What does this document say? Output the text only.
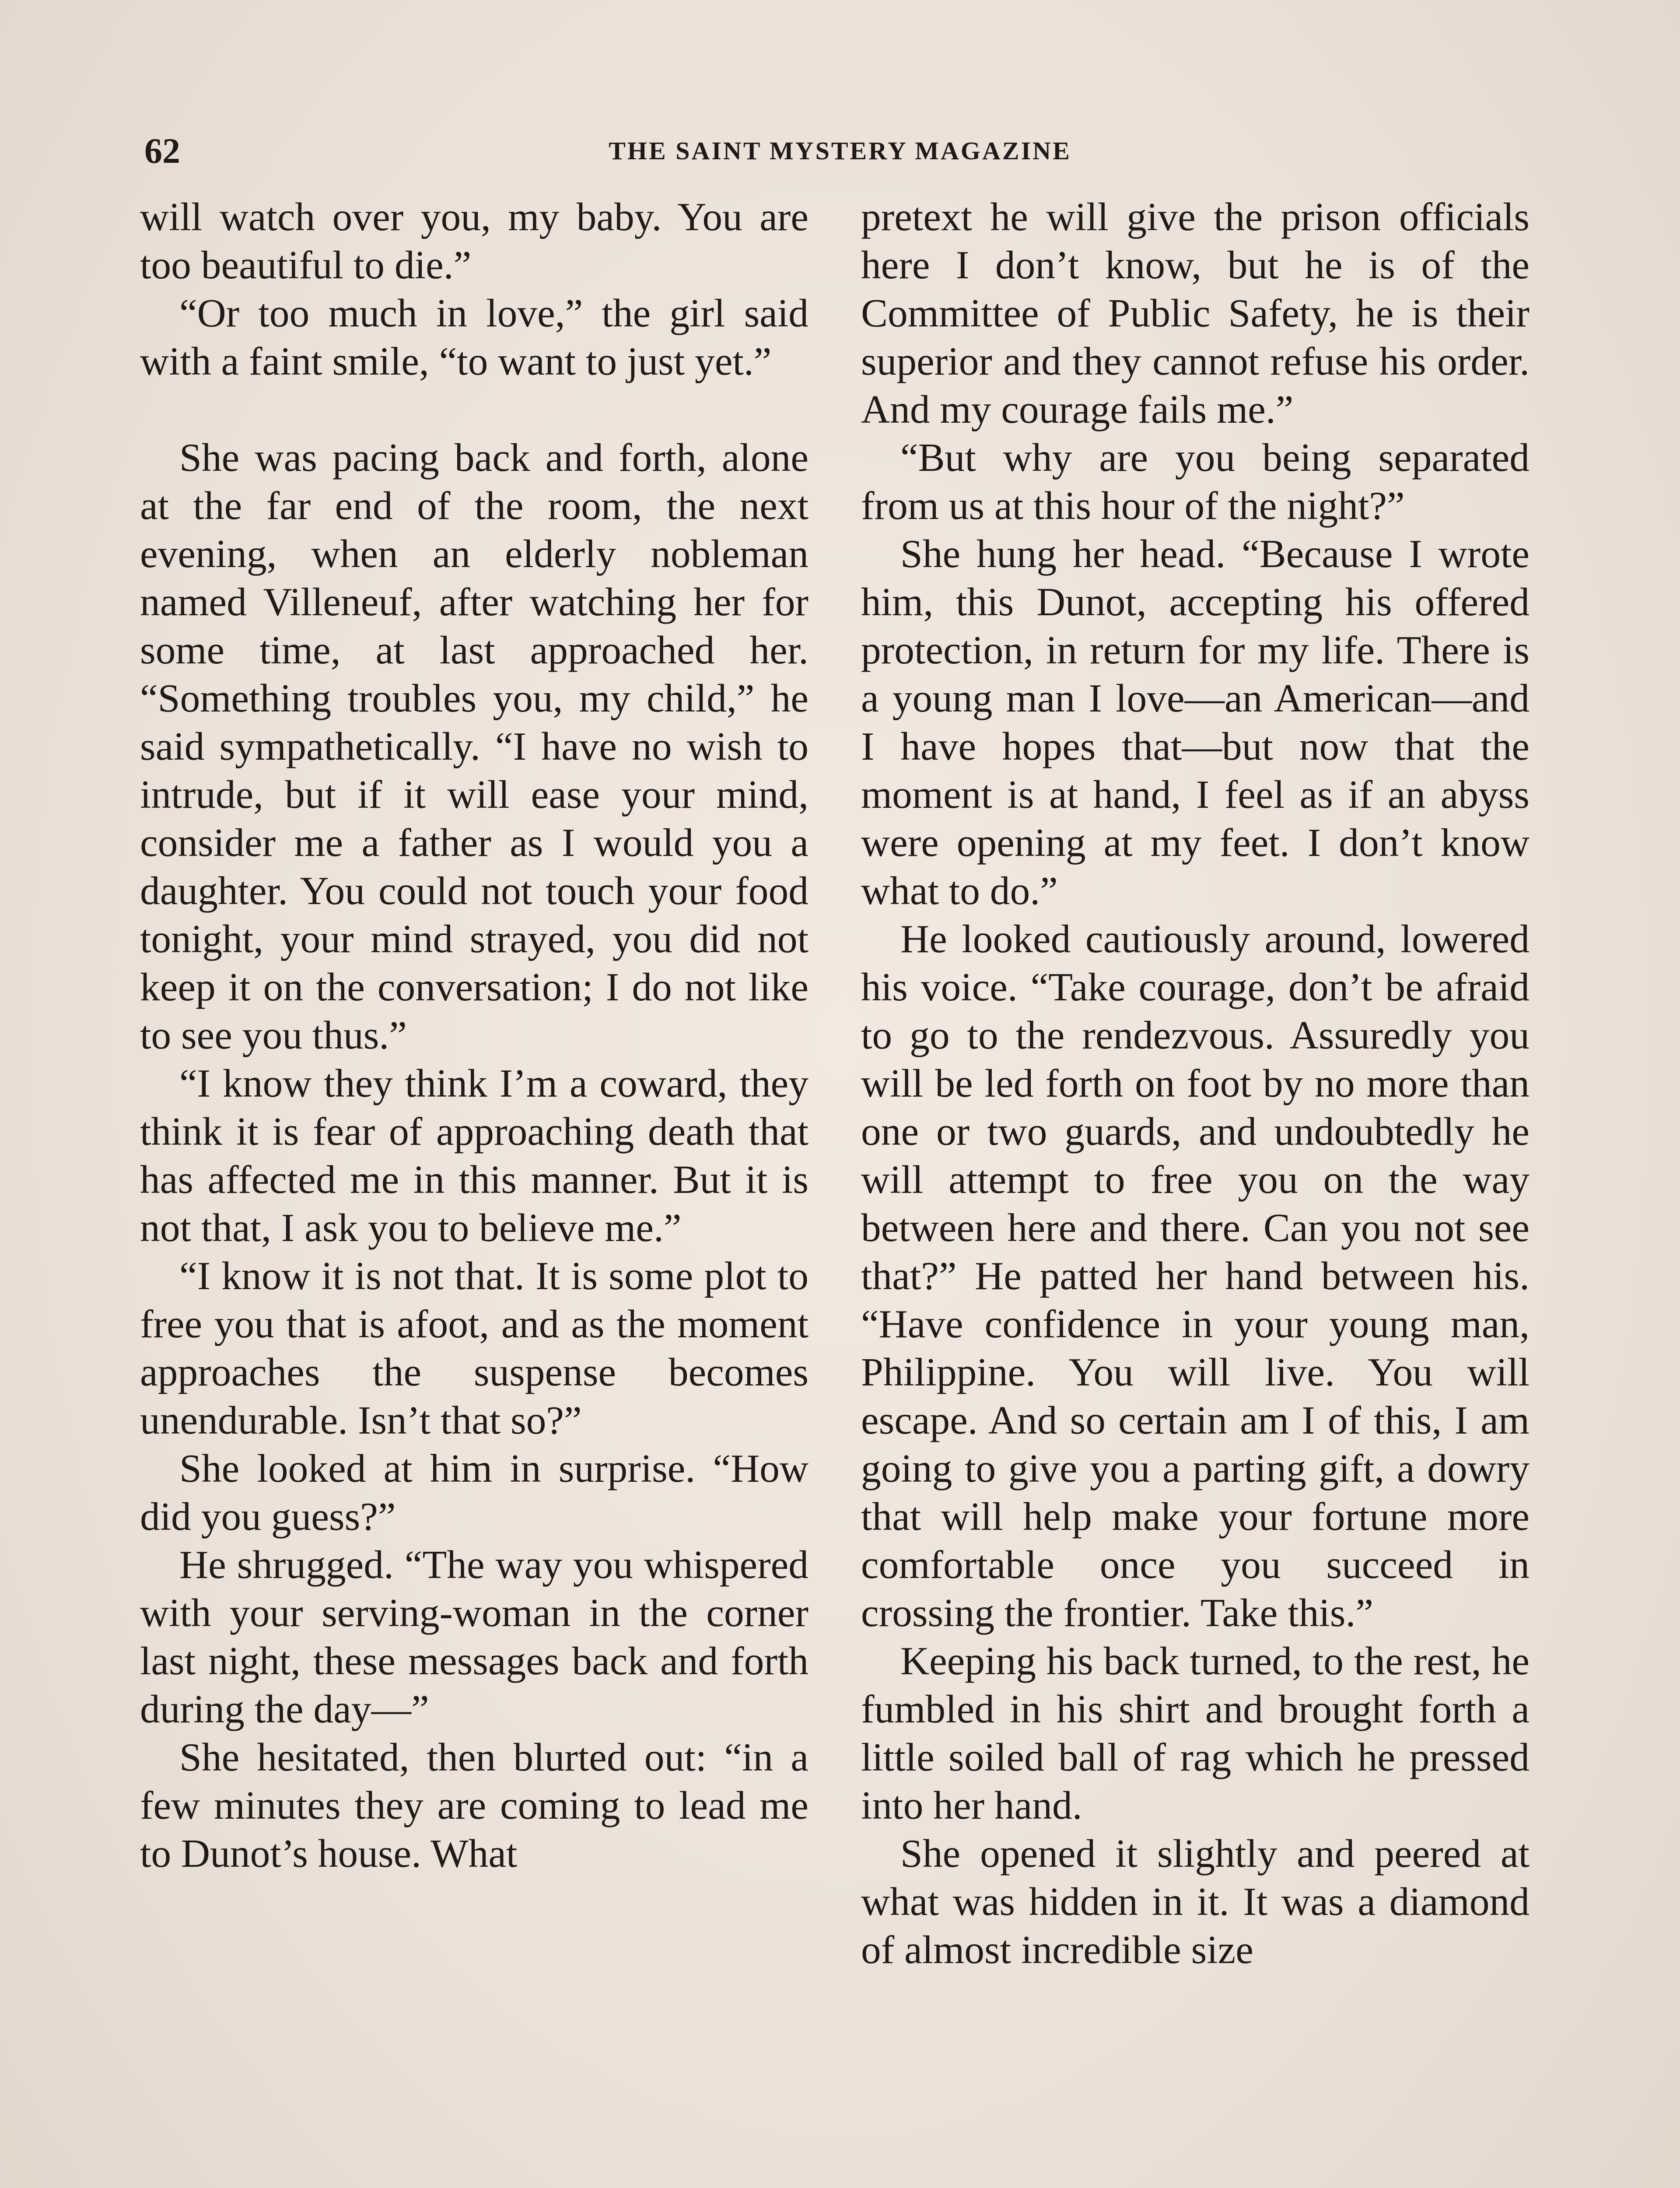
62	THE SAINT MYSTERY MAGAZINE

will watch over you, my baby. You are too beautiful to die.”

“Or too much in love,” the girl said with a faint smile, “to want to just yet.”

She was pacing back and forth, alone at the far end of the room, the next evening, when an elderly nobleman named Villeneuf, after watching her for some time, at last approached her. “Something troubles you, my child,” he said sympathetically. “I have no wish to intrude, but if it will ease your mind, consider me a father as I would you a daughter. You could not touch your food tonight, your mind strayed, you did not keep it on the conversation; I do not like to see you thus.”

“I know they think I’m a coward, they think it is fear of approaching death that has affected me in this manner. But it is not that, I ask you to believe me.”

“I know it is not that. It is some plot to free you that is afoot, and as the moment approaches the suspense becomes unendurable. Isn’t that so?”

She looked at him in surprise. “How did you guess?”

He shrugged. “The way you whispered with your serving-woman in the corner last night, these messages back and forth during the day—”

She hesitated, then blurted out: “in a few minutes they are coming to lead me to Dunot’s house. What

pretext he will give the prison officials here I don’t know, but he is of the Committee of Public Safety, he is their superior and they cannot refuse his order. And my courage fails me.”

“But why are you being separated from us at this hour of the night?”

She hung her head. “Because I wrote him, this Dunot, accepting his offered protection, in return for my life. There is a young man I love—an American—and I have hopes that—but now that the moment is at hand, I feel as if an abyss were opening at my feet. I don’t know what to do.”

He looked cautiously around, lowered his voice. “Take courage, don’t be afraid to go to the rendezvous. Assuredly you will be led forth on foot by no more than one or two guards, and undoubtedly he will attempt to free you on the way between here and there. Can you not see that?” He patted her hand between his. “Have confidence in your young man, Philippine. You will live. You will escape. And so certain am I of this, I am going to give you a parting gift, a dowry that will help make your fortune more comfortable once you succeed in crossing the frontier. Take this.”

Keeping his back turned, to the rest, he fumbled in his shirt and brought forth a little soiled ball of rag which he pressed into her hand.

She opened it slightly and peered at what was hidden in it. It was a diamond of almost incredible size
